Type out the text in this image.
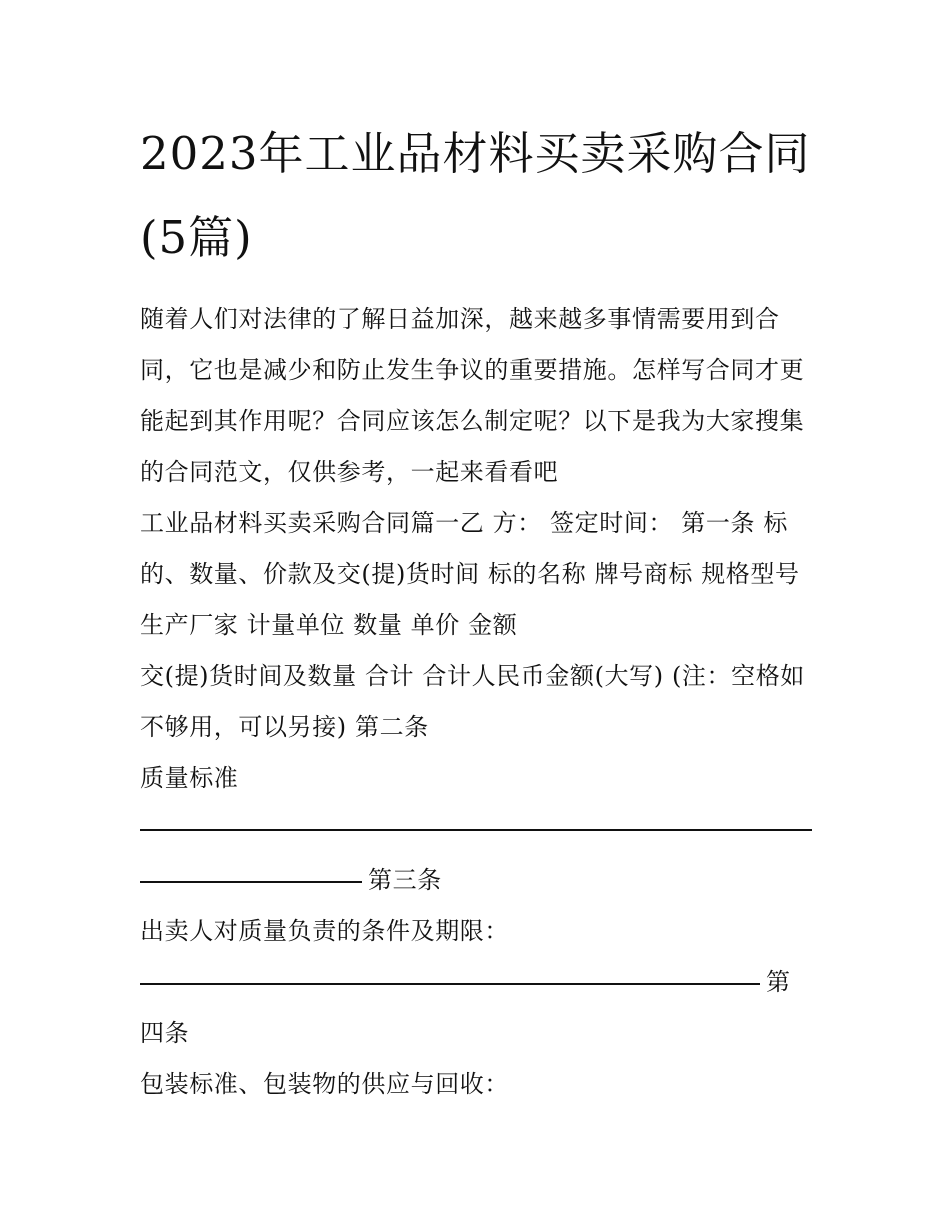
2023年工业品材料买卖采购合同(5篇)

随着人们对法律的了解日益加深，越来越多事情需要用到合同，它也是减少和防止发生争议的重要措施。怎样写合同才更能起到其作用呢？合同应该怎么制定呢？以下是我为大家搜集的合同范文，仅供参考，一起来看看吧

工业品材料买卖采购合同篇一乙 方： 签定时间： 第一条 标的、数量、价款及交(提)货时间 标的名称 牌号商标 规格型号 生产厂家 计量单位 数量 单价 金额

交(提)货时间及数量 合计 合计人民币金额(大写) (注：空格如不够用，可以另接) 第二条

质量标准

第三条

出卖人对质量负责的条件及期限：

第

四条

包装标准、包装物的供应与回收：
